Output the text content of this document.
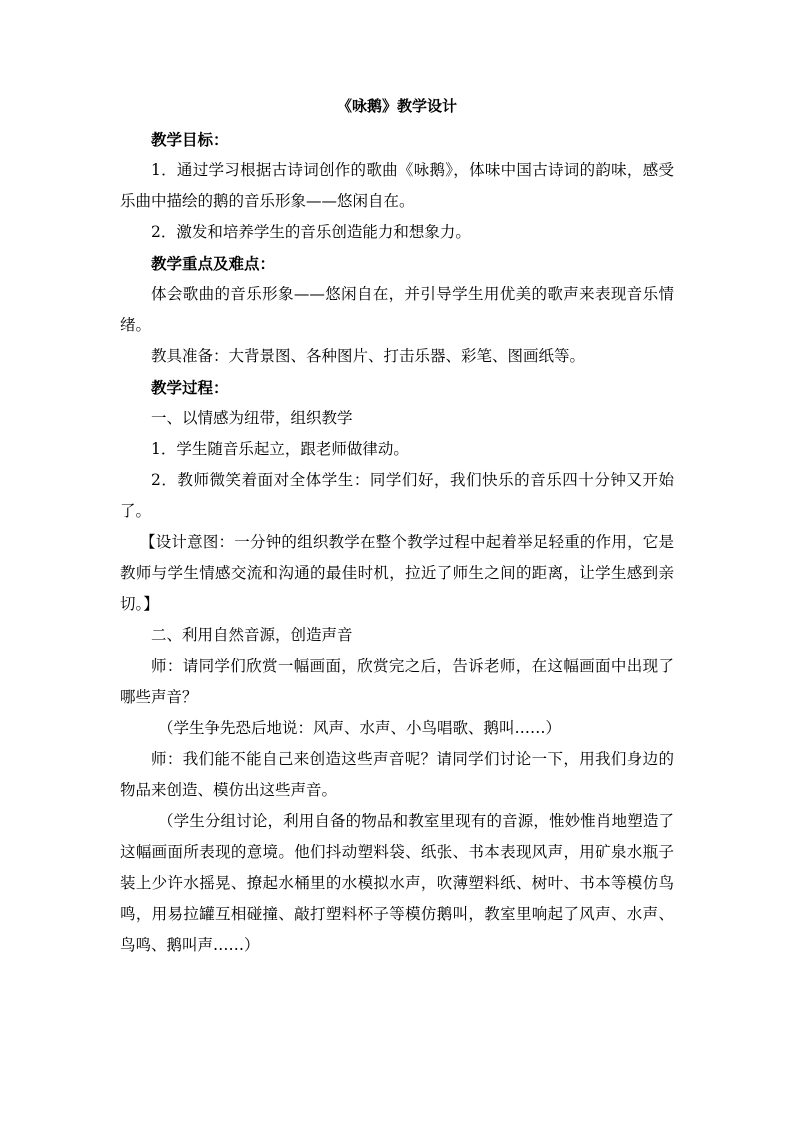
《咏鹅》教学设计

教学目标：

1．通过学习根据古诗词创作的歌曲《咏鹅》，体味中国古诗词的韵味，感受乐曲中描绘的鹅的音乐形象——悠闲自在。

2．激发和培养学生的音乐创造能力和想象力。

教学重点及难点：

体会歌曲的音乐形象——悠闲自在，并引导学生用优美的歌声来表现音乐情绪。

教具准备：大背景图、各种图片、打击乐器、彩笔、图画纸等。

教学过程：

一、以情感为纽带，组织教学

1．学生随音乐起立，跟老师做律动。

2．教师微笑着面对全体学生：同学们好，我们快乐的音乐四十分钟又开始了。

【设计意图：一分钟的组织教学在整个教学过程中起着举足轻重的作用，它是教师与学生情感交流和沟通的最佳时机，拉近了师生之间的距离，让学生感到亲切。】

二、利用自然音源，创造声音

师：请同学们欣赏一幅画面，欣赏完之后，告诉老师，在这幅画面中出现了哪些声音？

（学生争先恐后地说：风声、水声、小鸟唱歌、鹅叫……）

师：我们能不能自己来创造这些声音呢？请同学们讨论一下，用我们身边的物品来创造、模仿出这些声音。

（学生分组讨论，利用自备的物品和教室里现有的音源，惟妙惟肖地塑造了这幅画面所表现的意境。他们抖动塑料袋、纸张、书本表现风声，用矿泉水瓶子装上少许水摇晃、撩起水桶里的水模拟水声，吹薄塑料纸、树叶、书本等模仿鸟鸣，用易拉罐互相碰撞、敲打塑料杯子等模仿鹅叫，教室里响起了风声、水声、鸟鸣、鹅叫声……）
